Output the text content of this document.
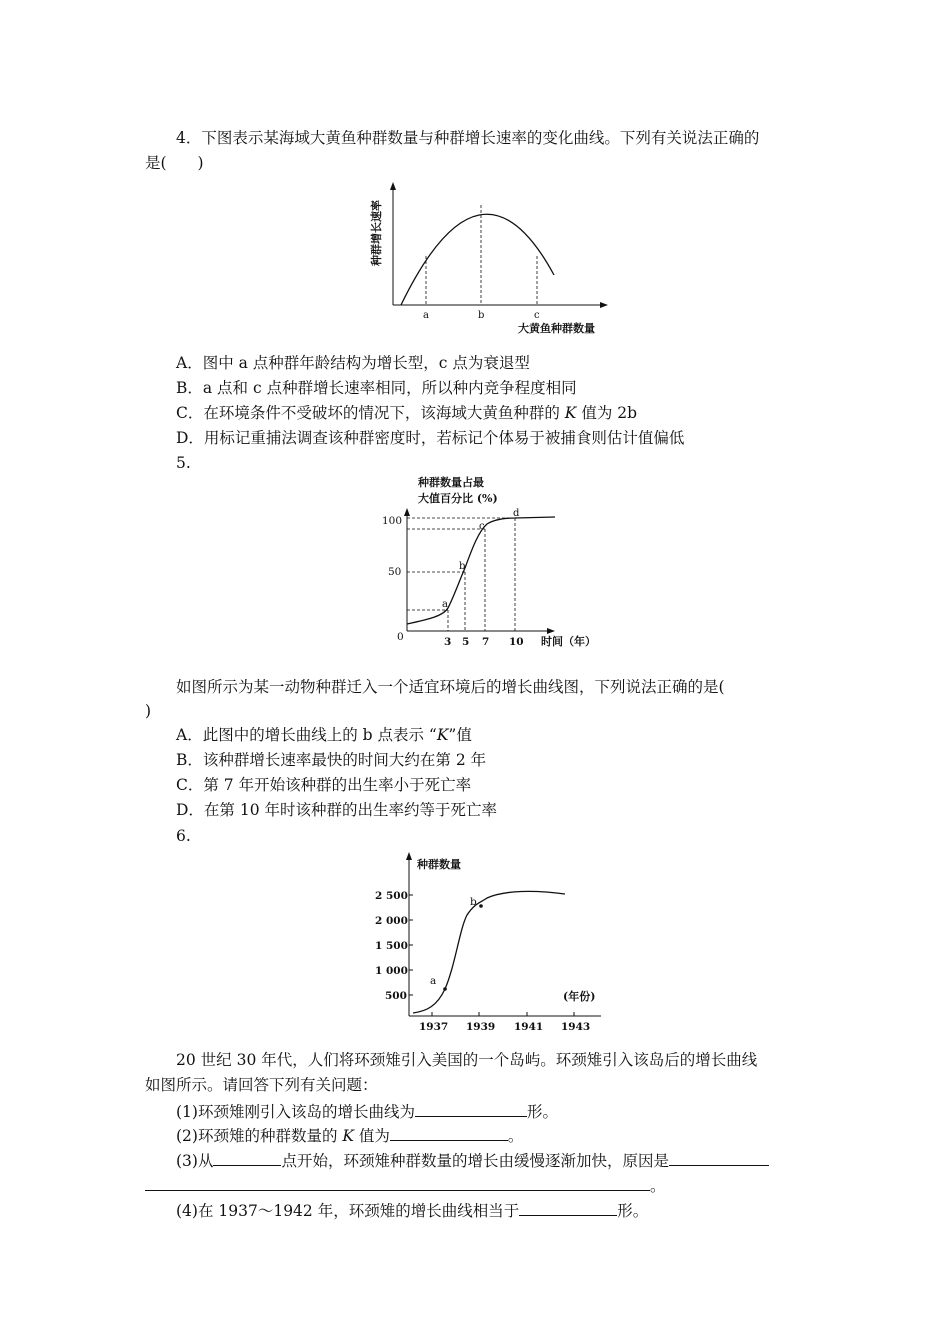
4．下图表示某海域大黄鱼种群数量与种群增长速率的变化曲线。下列有关说法正确的
是(　　)
a	b	c
种群增长速率
大黄鱼种群数量
A．图中 a 点种群年龄结构为增长型，c 点为衰退型
B．a 点和 c 点种群增长速率相同，所以种内竞争程度相同
C．在环境条件不受破坏的情况下，该海域大黄鱼种群的 K 值为 2b
D．用标记重捕法调查该种群密度时，若标记个体易于被捕食则估计值偏低
5.
种群数量占最
大值百分比 (%)
100
50
0
a
b
c
d
3 5 7 10 时间（年）
如图所示为某一动物种群迁入一个适宜环境后的增长曲线图，下列说法正确的是(
)
A．此图中的增长曲线上的 b 点表示 “K”值
B．该种群增长速率最快的时间大约在第 2 年
C．第 7 年开始该种群的出生率小于死亡率
D．在第 10 年时该种群的出生率约等于死亡率
6.
种群数量
2 500
2 000
1 500
1 000
500
a
b
(年份)
1937 1939 1941 1943
20 世纪 30 年代，人们将环颈雉引入美国的一个岛屿。环颈雉引入该岛后的增长曲线
如图所示。请回答下列有关问题：
(1)环颈雉刚引入该岛的增长曲线为	形。
(2)环颈雉的种群数量的 K 值为	。
(3)从	点开始，环颈雉种群数量的增长由缓慢逐渐加快，原因是
。
(4)在 1937～1942 年，环颈雉的增长曲线相当于	形。
